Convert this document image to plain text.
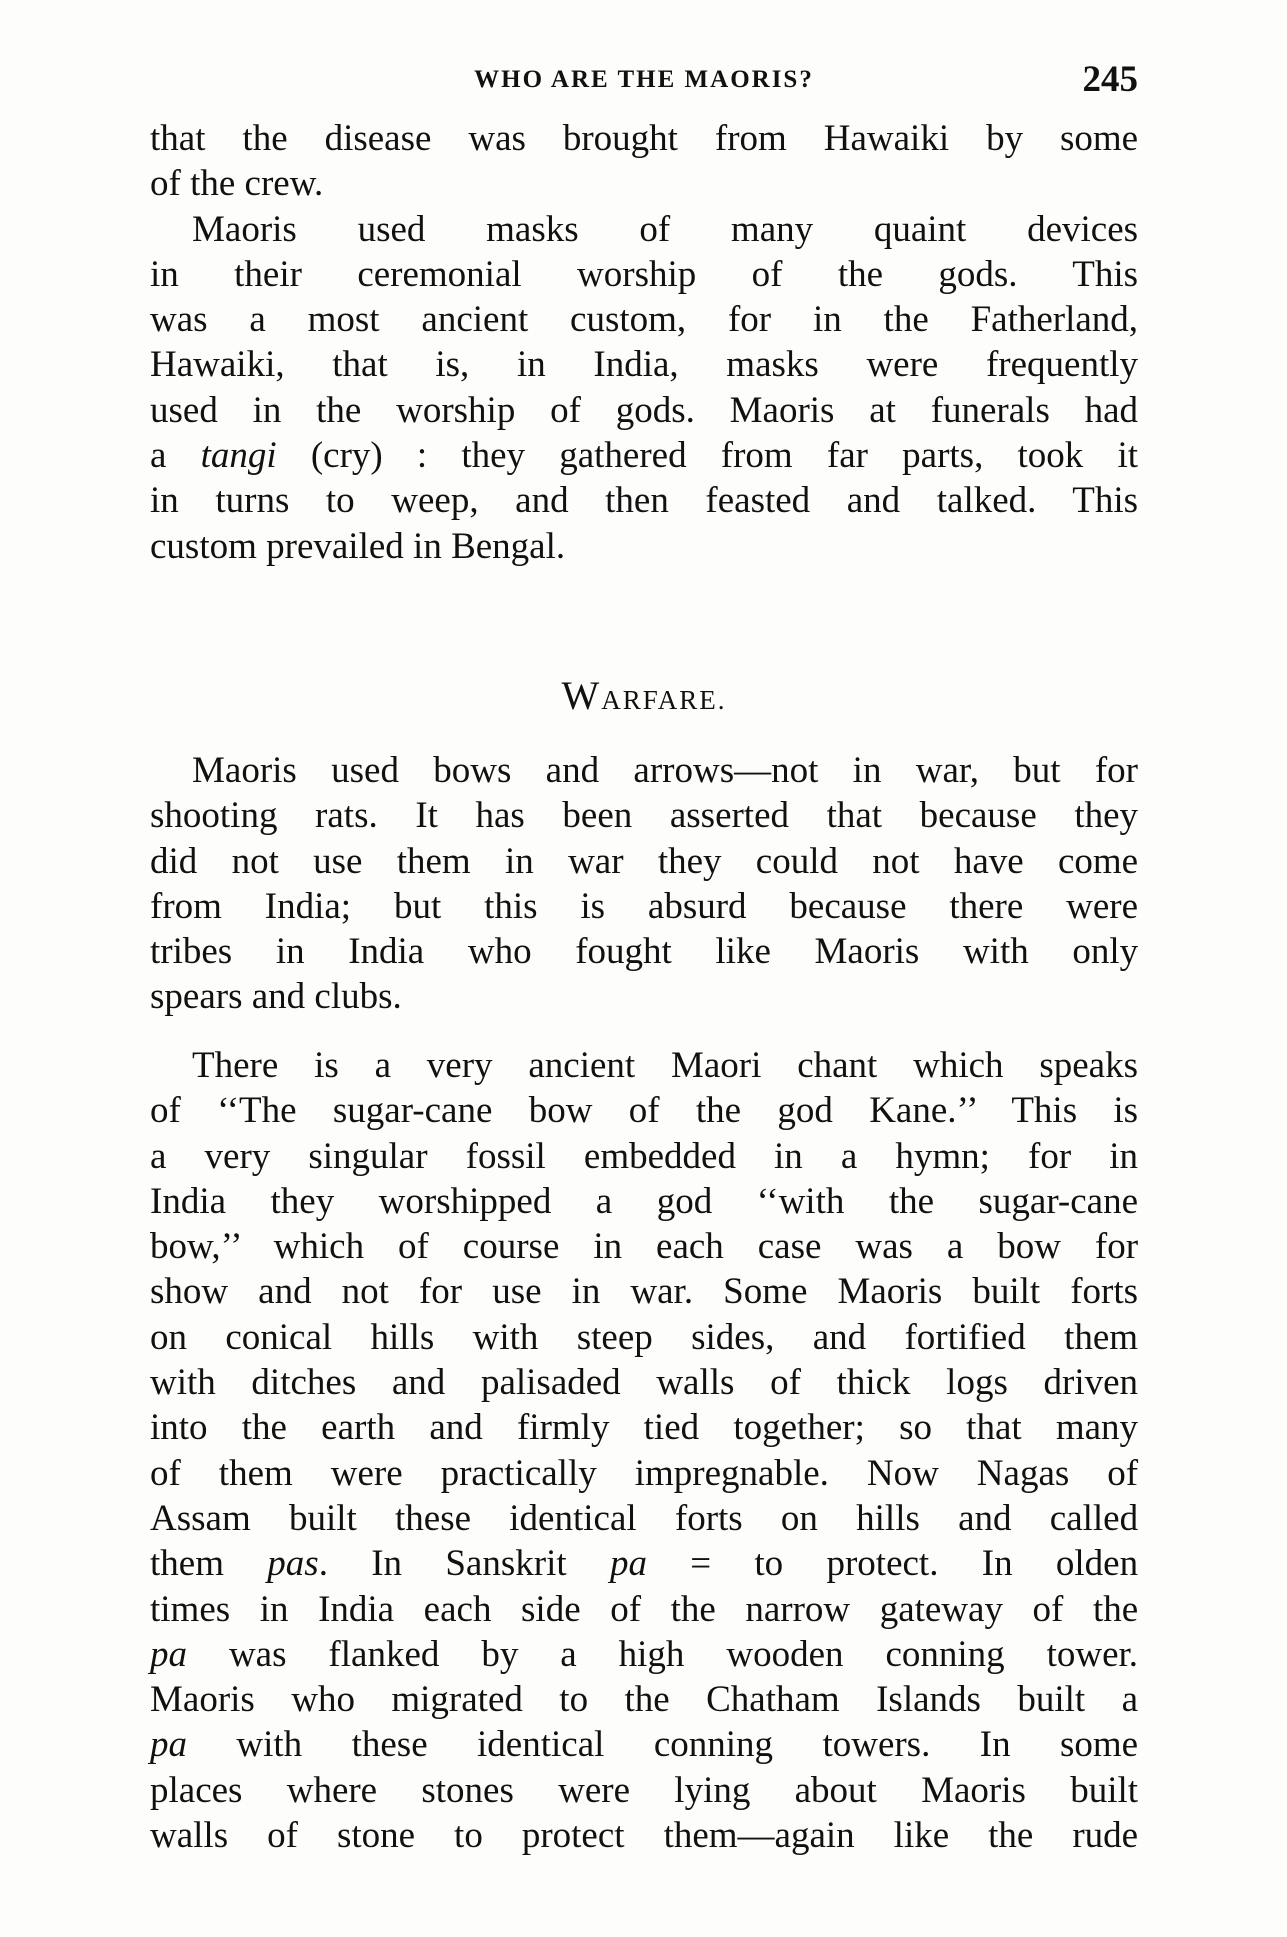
WHO ARE THE MAORIS?	245
that the disease was brought from Hawaiki by some
of the crew.
Maoris used masks of many quaint devices
in their ceremonial worship of the gods. This
was a most ancient custom, for in the Fatherland,
Hawaiki, that is, in India, masks were frequently
used in the worship of gods. Maoris at funerals had
a tangi (cry) : they gathered from far parts, took it
in turns to weep, and then feasted and talked. This
custom prevailed in Bengal.
WARFARE.
Maoris used bows and arrows—not in war, but for
shooting rats. It has been asserted that because they
did not use them in war they could not have come
from India; but this is absurd because there were
tribes in India who fought like Maoris with only
spears and clubs.
There is a very ancient Maori chant which speaks
of ‘‘The sugar-cane bow of the god Kane.’’ This is
a very singular fossil embedded in a hymn; for in
India they worshipped a god ‘‘with the sugar-cane
bow,’’ which of course in each case was a bow for
show and not for use in war. Some Maoris built forts
on conical hills with steep sides, and fortified them
with ditches and palisaded walls of thick logs driven
into the earth and firmly tied together; so that many
of them were practically impregnable. Now Nagas of
Assam built these identical forts on hills and called
them pas. In Sanskrit pa = to protect. In olden
times in India each side of the narrow gateway of the
pa was flanked by a high wooden conning tower.
Maoris who migrated to the Chatham Islands built a
pa with these identical conning towers. In some
places where stones were lying about Maoris built
walls of stone to protect them—again like the rude
